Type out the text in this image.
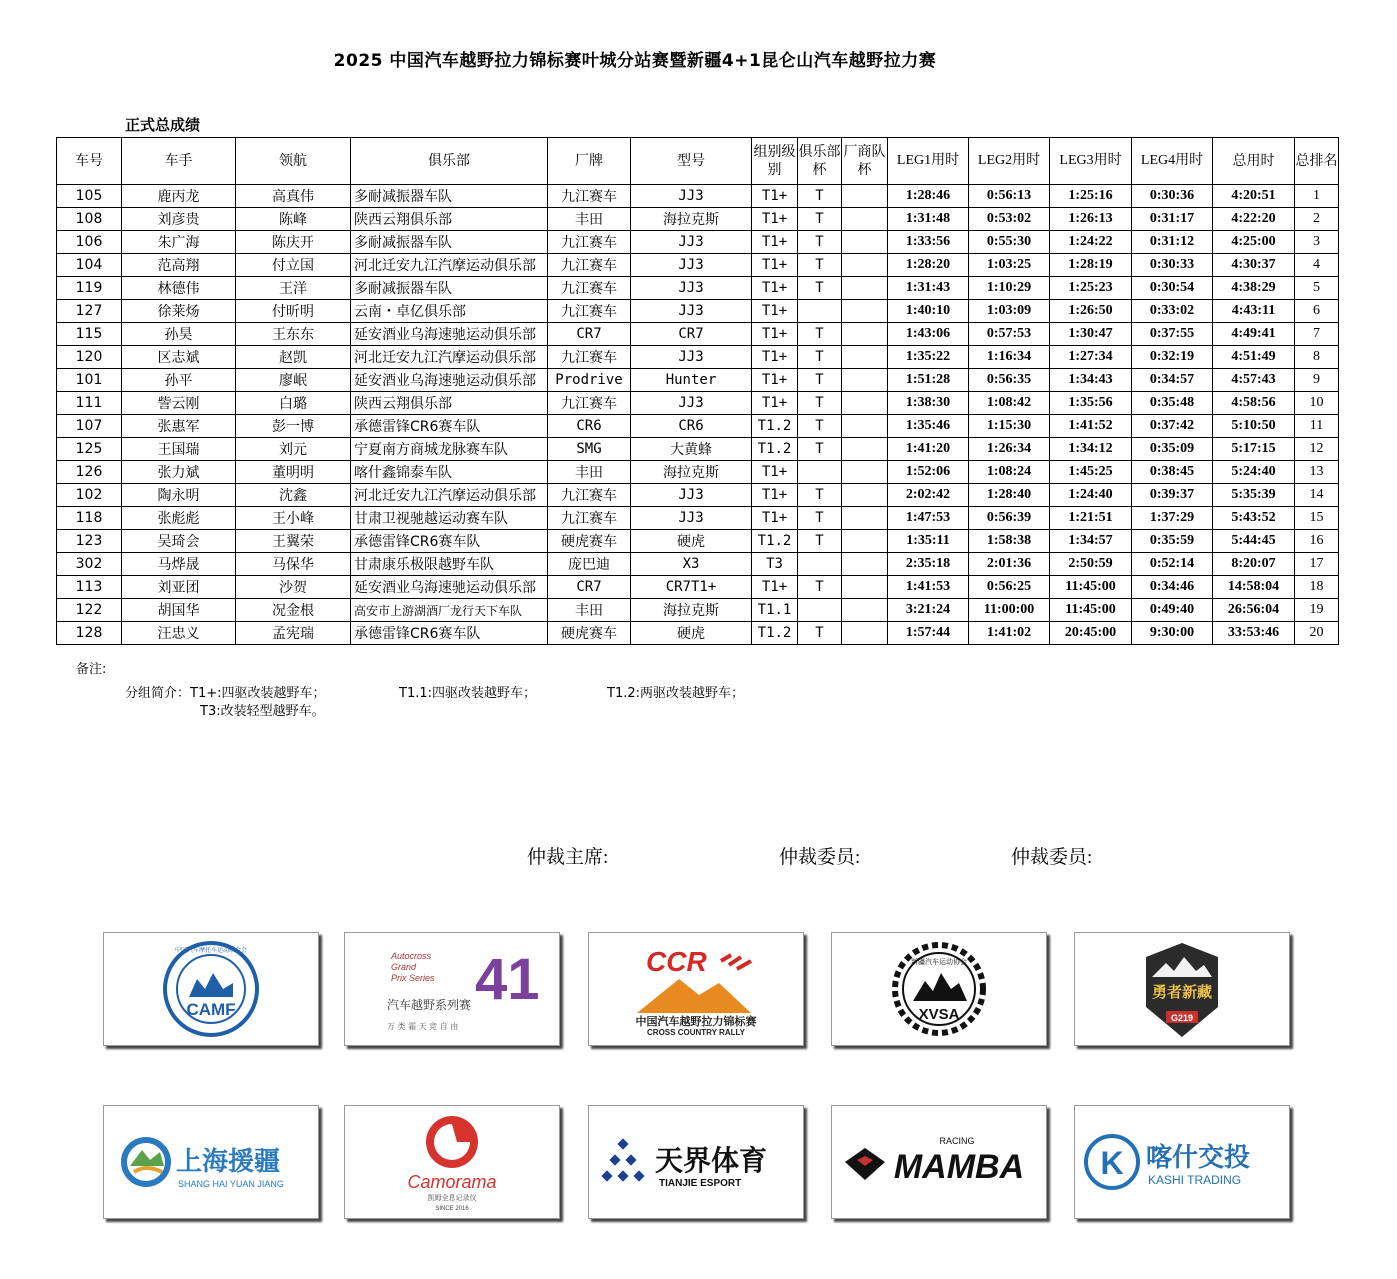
2025 中国汽车越野拉力锦标赛叶城分站赛暨新疆4+1昆仑山汽车越野拉力赛
正式总成绩
车号	车手	领航	俱乐部	厂牌	型号	组别级别	俱乐部杯	厂商队杯	LEG1用时	LEG2用时	LEG3用时	LEG4用时	总用时	总排名
105	鹿丙龙	高真伟	多耐减振器车队	九江赛车	JJ3	T1+	T		1:28:46	0:56:13	1:25:16	0:30:36	4:20:51	1
108	刘彦贵	陈峰	陕西云翔俱乐部	丰田	海拉克斯	T1+	T		1:31:48	0:53:02	1:26:13	0:31:17	4:22:20	2
106	朱广海	陈庆开	多耐减振器车队	九江赛车	JJ3	T1+	T		1:33:56	0:55:30	1:24:22	0:31:12	4:25:00	3
104	范高翔	付立国	河北迁安九江汽摩运动俱乐部	九江赛车	JJ3	T1+	T		1:28:20	1:03:25	1:28:19	0:30:33	4:30:37	4
119	林德伟	王洋	多耐减振器车队	九江赛车	JJ3	T1+	T		1:31:43	1:10:29	1:25:23	0:30:54	4:38:29	5
127	徐莱炀	付昕明	云南・卓亿俱乐部	九江赛车	JJ3	T1+			1:40:10	1:03:09	1:26:50	0:33:02	4:43:11	6
115	孙昊	王东东	延安酒业乌海速驰运动俱乐部	CR7	CR7	T1+	T		1:43:06	0:57:53	1:30:47	0:37:55	4:49:41	7
120	区志斌	赵凯	河北迁安九江汽摩运动俱乐部	九江赛车	JJ3	T1+	T		1:35:22	1:16:34	1:27:34	0:32:19	4:51:49	8
101	孙平	廖岷	延安酒业乌海速驰运动俱乐部	Prodrive	Hunter	T1+	T		1:51:28	0:56:35	1:34:43	0:34:57	4:57:43	9
111	訾云刚	白璐	陕西云翔俱乐部	九江赛车	JJ3	T1+	T		1:38:30	1:08:42	1:35:56	0:35:48	4:58:56	10
107	张惠军	彭一博	承德雷锋CR6赛车队	CR6	CR6	T1.2	T		1:35:46	1:15:30	1:41:52	0:37:42	5:10:50	11
125	王国瑞	刘元	宁夏南方商城龙脉赛车队	SMG	大黄蜂	T1.2	T		1:41:20	1:26:34	1:34:12	0:35:09	5:17:15	12
126	张力斌	董明明	喀什鑫锦泰车队	丰田	海拉克斯	T1+			1:52:06	1:08:24	1:45:25	0:38:45	5:24:40	13
102	陶永明	沈鑫	河北迁安九江汽摩运动俱乐部	九江赛车	JJ3	T1+	T		2:02:42	1:28:40	1:24:40	0:39:37	5:35:39	14
118	张彪彪	王小峰	甘肃卫视驰越运动赛车队	九江赛车	JJ3	T1+	T		1:47:53	0:56:39	1:21:51	1:37:29	5:43:52	15
123	吴琦会	王翼荣	承德雷锋CR6赛车队	硬虎赛车	硬虎	T1.2	T		1:35:11	1:58:38	1:34:57	0:35:59	5:44:45	16
302	马烨晟	马保华	甘肃康乐极限越野车队	庞巴迪	X3	T3			2:35:18	2:01:36	2:50:59	0:52:14	8:20:07	17
113	刘亚团	沙贺	延安酒业乌海速驰运动俱乐部	CR7	CR7T1+	T1+	T		1:41:53	0:56:25	11:45:00	0:34:46	14:58:04	18
122	胡国华	况金根	高安市上游湖酒厂龙行天下车队	丰田	海拉克斯	T1.1			3:21:24	11:00:00	11:45:00	0:49:40	26:56:04	19
128	汪忠义	孟宪瑞	承德雷锋CR6赛车队	硬虎赛车	硬虎	T1.2	T		1:57:44	1:41:02	20:45:00	9:30:00	33:53:46	20
备注:
分组简介：T1+:四驱改装越野车；	T1.1:四驱改装越野车；	T1.2:两驱改装越野车；
T3:改装轻型越野车。
仲裁主席:	仲裁委员:	仲裁委员:
CAMF
中国汽车摩托车运动联合会
Autocross
Grand
Prix Series 41
汽车越野系列赛
万 类 霜 天 竞 自 由
CCR
中国汽车越野拉力锦标赛
CROSS COUNTRY RALLY
XVSA
新疆汽车运动协会
勇者新藏
G219
上海援疆
SHANG HAI YUAN JIANG	Camorama
凯姆全息记录仪
SINCE 2016
天界体育
TIANJIE ESPORT
RACING
MAMBA K 喀什交投
KASHI TRADING
